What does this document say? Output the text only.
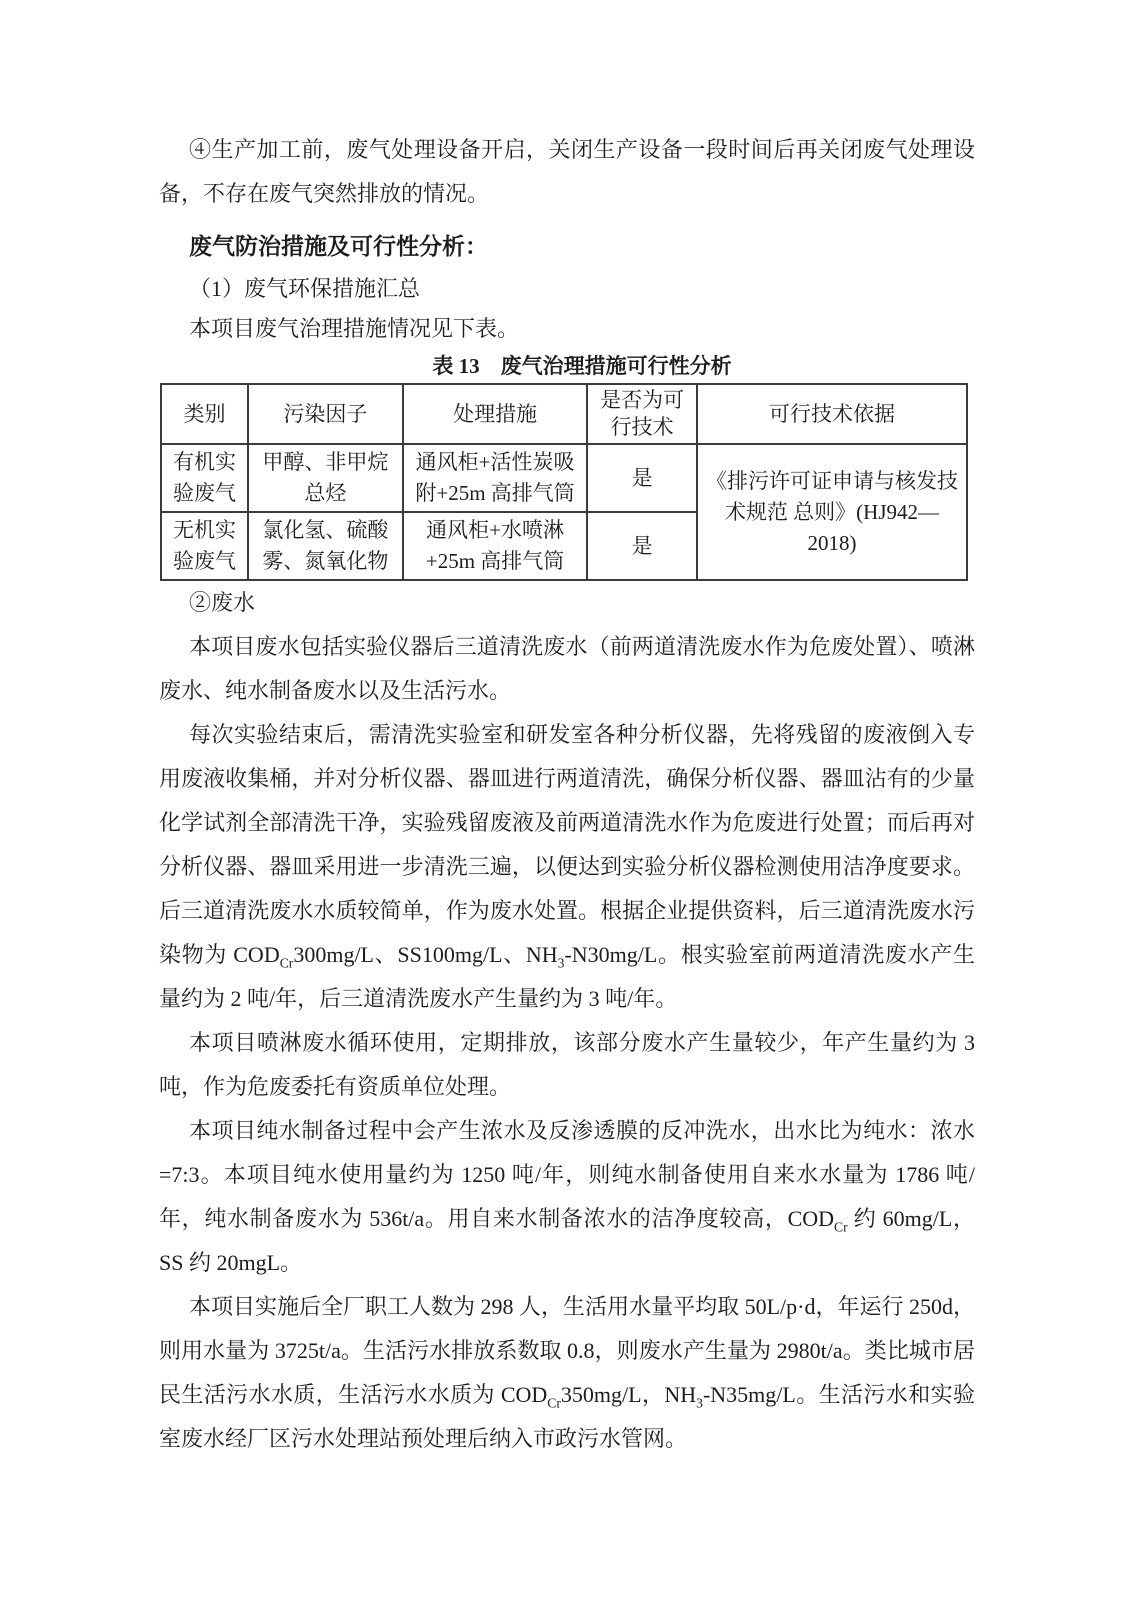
④生产加工前，废气处理设备开启，关闭生产设备一段时间后再关闭废气处理设备，不存在废气突然排放的情况。

废气防治措施及可行性分析：

（1）废气环保措施汇总

本项目废气治理措施情况见下表。

表 13　废气治理措施可行性分析

类别	污染因子	处理措施	是否为可行技术	可行技术依据
有机实验废气	甲醇、非甲烷总烃	通风柜+活性炭吸附+25m 高排气筒	是	《排污许可证申请与核发技术规范 总则》(HJ942—2018)
无机实验废气	氯化氢、硫酸雾、氮氧化物	通风柜+水喷淋+25m 高排气筒	是	

②废水

本项目废水包括实验仪器后三道清洗废水（前两道清洗废水作为危废处置）、喷淋废水、纯水制备废水以及生活污水。

每次实验结束后，需清洗实验室和研发室各种分析仪器，先将残留的废液倒入专用废液收集桶，并对分析仪器、器皿进行两道清洗，确保分析仪器、器皿沾有的少量化学试剂全部清洗干净，实验残留废液及前两道清洗水作为危废进行处置；而后再对分析仪器、器皿采用进一步清洗三遍，以便达到实验分析仪器检测使用洁净度要求。后三道清洗废水水质较简单，作为废水处置。根据企业提供资料，后三道清洗废水污染物为 $COD_{Cr}300mg/L$、SS100mg/L、$NH_3-N30mg/L$。根实验室前两道清洗废水产生量约为 2 吨/年，后三道清洗废水产生量约为 3 吨/年。

本项目喷淋废水循环使用，定期排放，该部分废水产生量较少，年产生量约为 3 吨，作为危废委托有资质单位处理。

本项目纯水制备过程中会产生浓水及反渗透膜的反冲洗水，出水比为纯水：浓水=7:3。本项目纯水使用量约为 1250 吨/年，则纯水制备使用自来水水量为 1786 吨/年，纯水制备废水为 536t/a。用自来水制备浓水的洁净度较高，$COD_{Cr}$ 约 60mg/L，SS 约 20mgL。

本项目实施后全厂职工人数为 298 人，生活用水量平均取 50L/p·d，年运行 250d，则用水量为 3725t/a。生活污水排放系数取 0.8，则废水产生量为 2980t/a。类比城市居民生活污水水质，生活污水水质为 $COD_{Cr}350mg/L$，$NH_3-N35mg/L$。生活污水和实验室废水经厂区污水处理站预处理后纳入市政污水管网。
